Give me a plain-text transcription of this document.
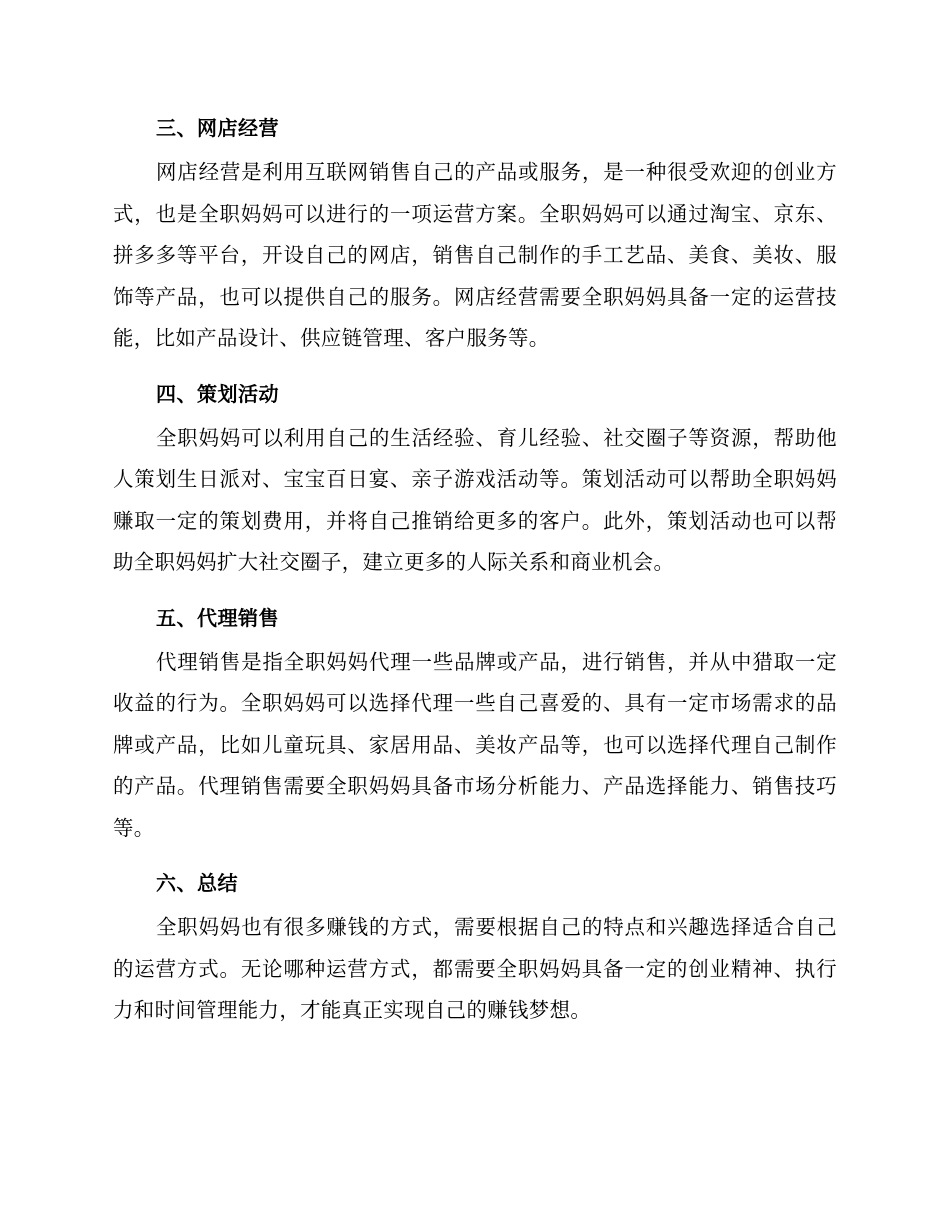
三、网店经营

网店经营是利用互联网销售自己的产品或服务，是一种很受欢迎的创业方式，也是全职妈妈可以进行的一项运营方案。全职妈妈可以通过淘宝、京东、拼多多等平台，开设自己的网店，销售自己制作的手工艺品、美食、美妆、服饰等产品，也可以提供自己的服务。网店经营需要全职妈妈具备一定的运营技能，比如产品设计、供应链管理、客户服务等。

四、策划活动

全职妈妈可以利用自己的生活经验、育儿经验、社交圈子等资源，帮助他人策划生日派对、宝宝百日宴、亲子游戏活动等。策划活动可以帮助全职妈妈赚取一定的策划费用，并将自己推销给更多的客户。此外，策划活动也可以帮助全职妈妈扩大社交圈子，建立更多的人际关系和商业机会。

五、代理销售

代理销售是指全职妈妈代理一些品牌或产品，进行销售，并从中猎取一定收益的行为。全职妈妈可以选择代理一些自己喜爱的、具有一定市场需求的品牌或产品，比如儿童玩具、家居用品、美妆产品等，也可以选择代理自己制作的产品。代理销售需要全职妈妈具备市场分析能力、产品选择能力、销售技巧等。

六、总结

全职妈妈也有很多赚钱的方式，需要根据自己的特点和兴趣选择适合自己的运营方式。无论哪种运营方式，都需要全职妈妈具备一定的创业精神、执行力和时间管理能力，才能真正实现自己的赚钱梦想。
